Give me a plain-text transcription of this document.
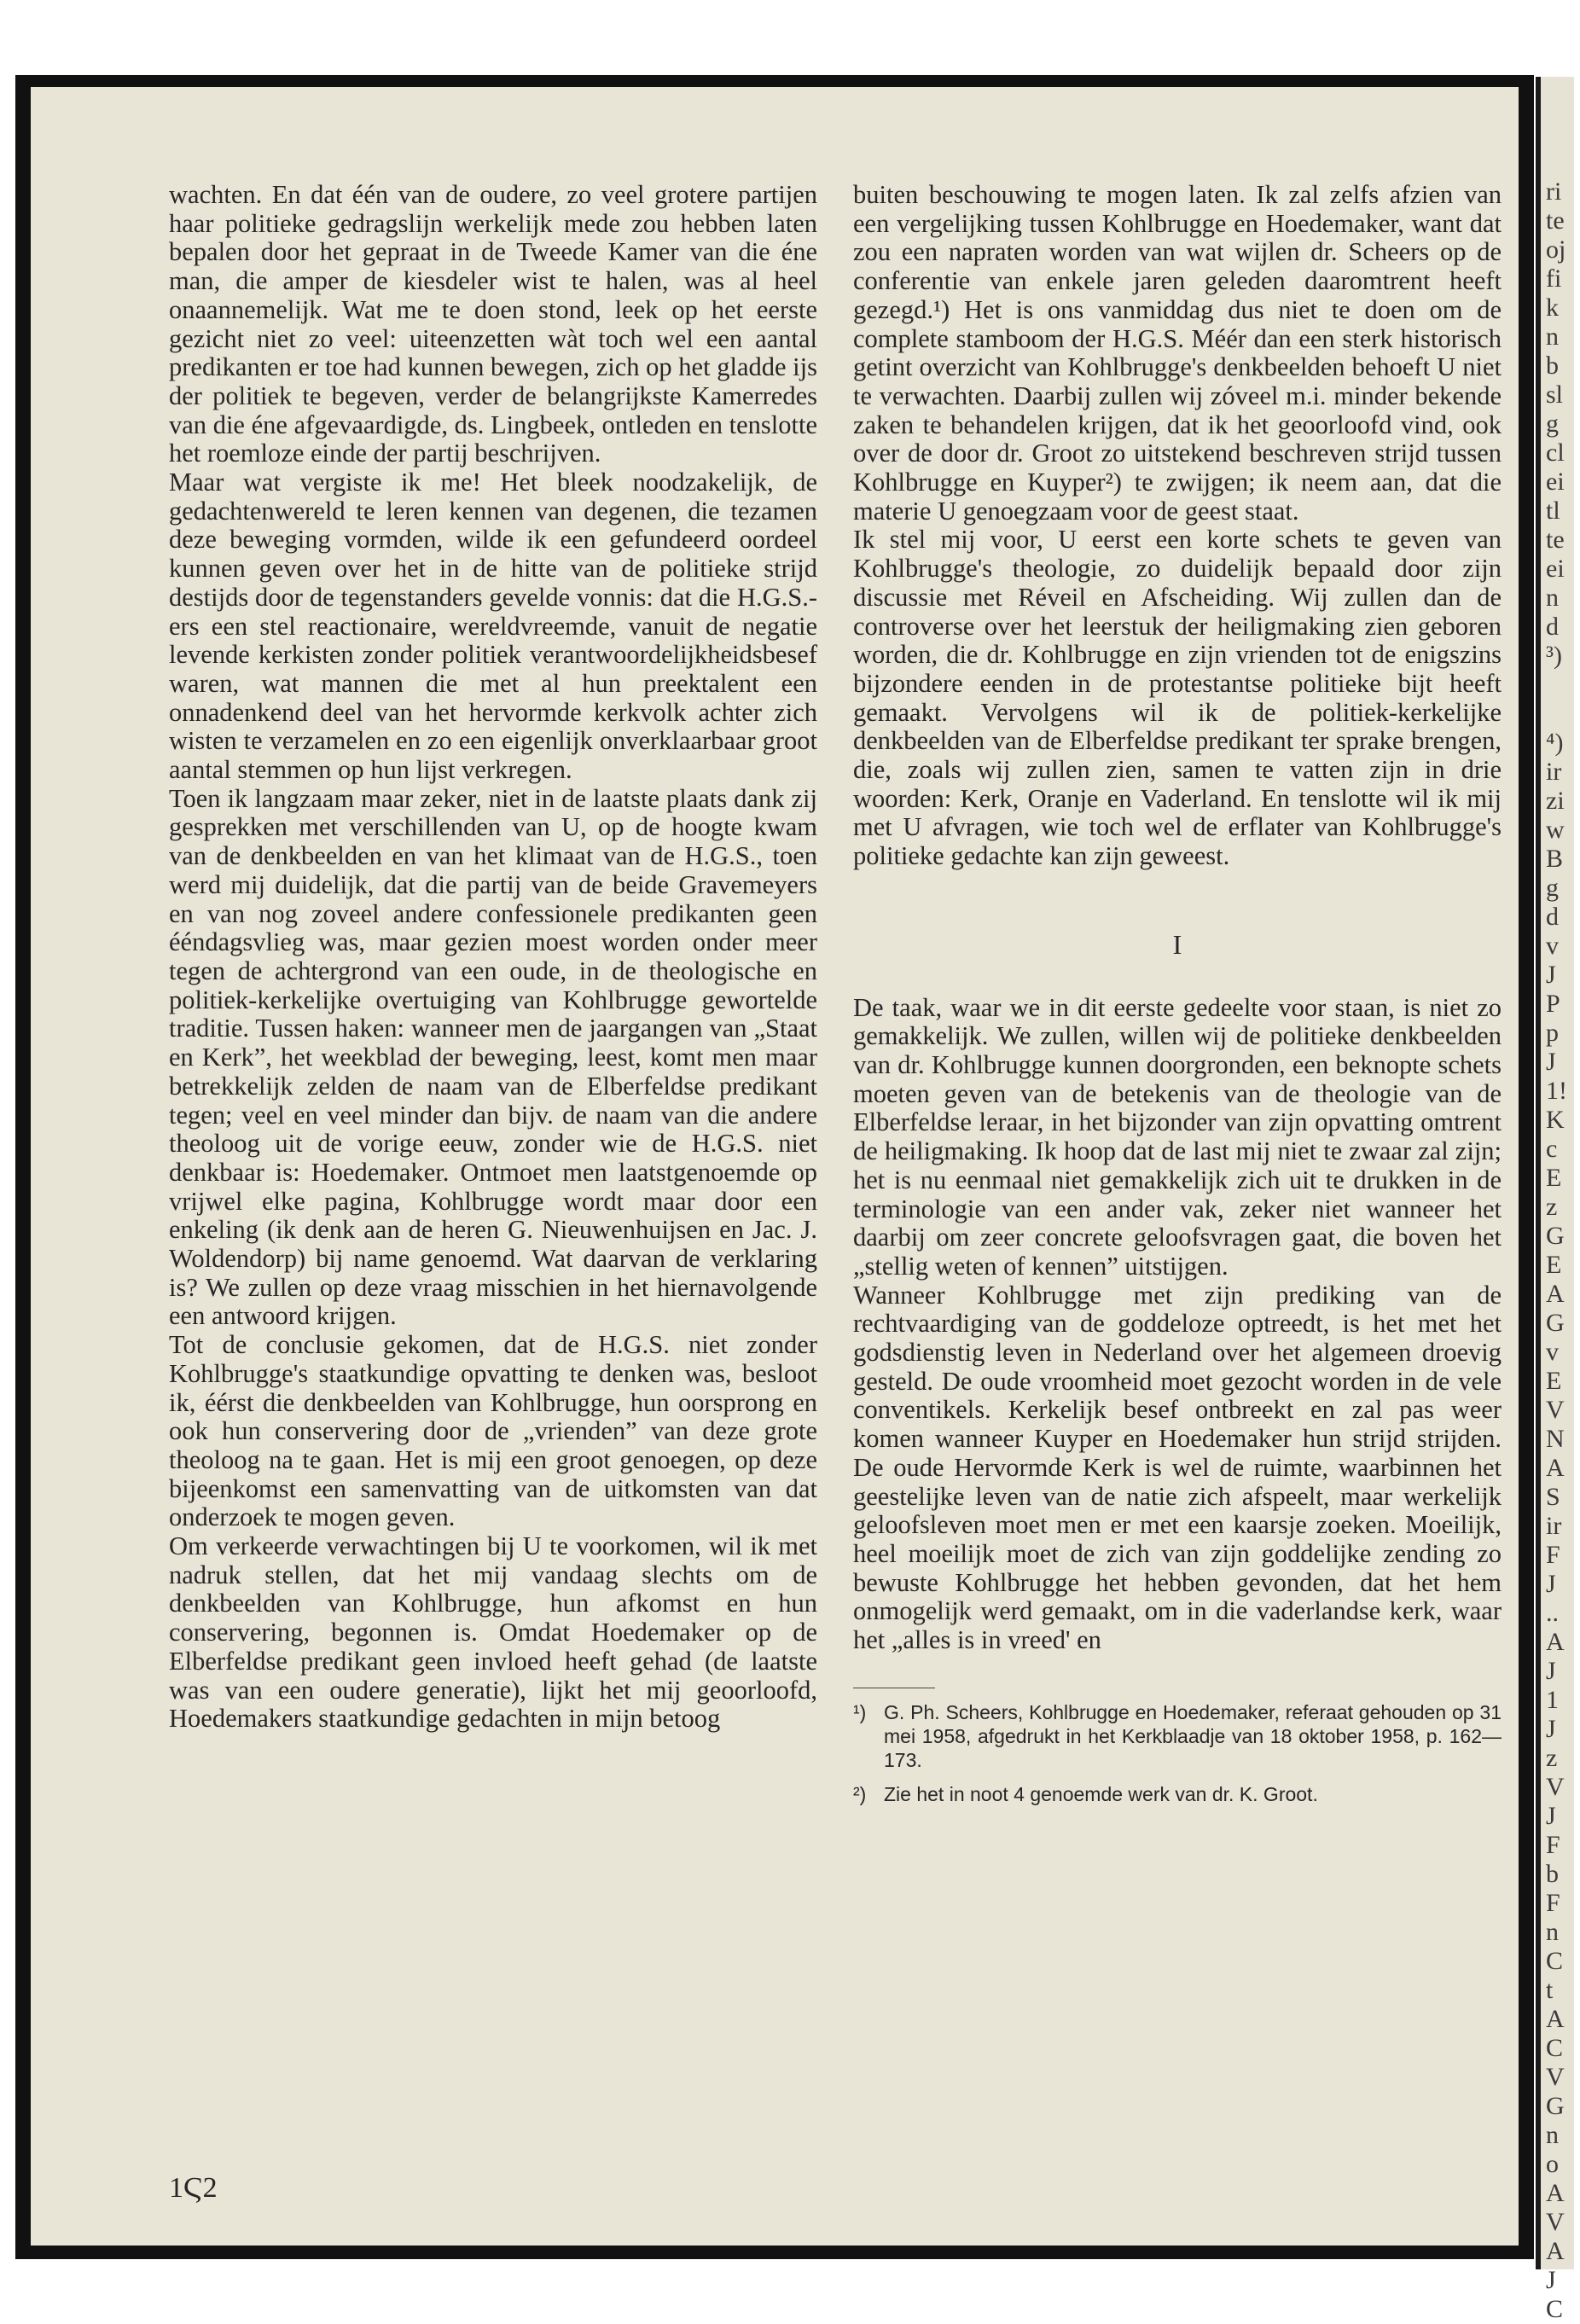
wachten. En dat één van de oudere, zo veel grotere partijen haar politieke gedragslijn werkelijk mede zou hebben laten bepalen door het gepraat in de Tweede Kamer van die éne man, die amper de kiesdeler wist te halen, was al heel onaannemelijk. Wat me te doen stond, leek op het eerste gezicht niet zo veel: uiteenzetten wàt toch wel een aantal predikanten er toe had kunnen bewegen, zich op het gladde ijs der politiek te begeven, verder de belangrijkste Kamerredes van die éne afgevaardigde, ds. Lingbeek, ontleden en tenslotte het roemloze einde der partij beschrijven.

Maar wat vergiste ik me! Het bleek noodzakelijk, de gedachtenwereld te leren kennen van degenen, die tezamen deze beweging vormden, wilde ik een gefundeerd oordeel kunnen geven over het in de hitte van de politieke strijd destijds door de tegenstanders gevelde vonnis: dat die H.G.S.-ers een stel reactionaire, wereldvreemde, vanuit de negatie levende kerkisten zonder politiek verantwoordelijkheidsbesef waren, wat mannen die met al hun preektalent een onnadenkend deel van het hervormde kerkvolk achter zich wisten te verzamelen en zo een eigenlijk onverklaarbaar groot aantal stemmen op hun lijst verkregen.

Toen ik langzaam maar zeker, niet in de laatste plaats dank zij gesprekken met verschillenden van U, op de hoogte kwam van de denkbeelden en van het klimaat van de H.G.S., toen werd mij duidelijk, dat die partij van de beide Gravemeyers en van nog zoveel andere confessionele predikanten geen ééndagsvlieg was, maar gezien moest worden onder meer tegen de achtergrond van een oude, in de theologische en politiek-kerkelijke overtuiging van Kohlbrugge gewortelde traditie. Tussen haken: wanneer men de jaargangen van „Staat en Kerk”, het weekblad der beweging, leest, komt men maar betrekkelijk zelden de naam van de Elberfeldse predikant tegen; veel en veel minder dan bijv. de naam van die andere theoloog uit de vorige eeuw, zonder wie de H.G.S. niet denkbaar is: Hoedemaker. Ontmoet men laatstgenoemde op vrijwel elke pagina, Kohlbrugge wordt maar door een enkeling (ik denk aan de heren G. Nieuwenhuijsen en Jac. J. Woldendorp) bij name genoemd. Wat daarvan de verklaring is? We zullen op deze vraag misschien in het hiernavolgende een antwoord krijgen.

Tot de conclusie gekomen, dat de H.G.S. niet zonder Kohlbrugge's staatkundige opvatting te denken was, besloot ik, éérst die denkbeelden van Kohlbrugge, hun oorsprong en ook hun conservering door de „vrienden” van deze grote theoloog na te gaan. Het is mij een groot genoegen, op deze bijeenkomst een samenvatting van de uitkomsten van dat onderzoek te mogen geven.

Om verkeerde verwachtingen bij U te voorkomen, wil ik met nadruk stellen, dat het mij vandaag slechts om de denkbeelden van Kohlbrugge, hun afkomst en hun conservering, begonnen is. Omdat Hoedemaker op de Elberfeldse predikant geen invloed heeft gehad (de laatste was van een oudere generatie), lijkt het mij geoorloofd, Hoedemakers staatkundige gedachten in mijn betoog

buiten beschouwing te mogen laten. Ik zal zelfs afzien van een vergelijking tussen Kohlbrugge en Hoedemaker, want dat zou een napraten worden van wat wijlen dr. Scheers op de conferentie van enkele jaren geleden daaromtrent heeft gezegd.¹) Het is ons vanmiddag dus niet te doen om de complete stamboom der H.G.S. Méér dan een sterk historisch getint overzicht van Kohlbrugge's denkbeelden behoeft U niet te verwachten. Daarbij zullen wij zóveel m.i. minder bekende zaken te behandelen krijgen, dat ik het geoorloofd vind, ook over de door dr. Groot zo uitstekend beschreven strijd tussen Kohlbrugge en Kuyper²) te zwijgen; ik neem aan, dat die materie U genoegzaam voor de geest staat.

Ik stel mij voor, U eerst een korte schets te geven van Kohlbrugge's theologie, zo duidelijk bepaald door zijn discussie met Réveil en Afscheiding. Wij zullen dan de controverse over het leerstuk der heiligmaking zien geboren worden, die dr. Kohlbrugge en zijn vrienden tot de enigszins bijzondere eenden in de protestantse politieke bijt heeft gemaakt. Vervolgens wil ik de politiek-kerkelijke denkbeelden van de Elberfeldse predikant ter sprake brengen, die, zoals wij zullen zien, samen te vatten zijn in drie woorden: Kerk, Oranje en Vaderland. En tenslotte wil ik mij met U afvragen, wie toch wel de erflater van Kohlbrugge's politieke gedachte kan zijn geweest.

I

De taak, waar we in dit eerste gedeelte voor staan, is niet zo gemakkelijk. We zullen, willen wij de politieke denkbeelden van dr. Kohlbrugge kunnen doorgronden, een beknopte schets moeten geven van de betekenis van de theologie van de Elberfeldse leraar, in het bijzonder van zijn opvatting omtrent de heiligmaking. Ik hoop dat de last mij niet te zwaar zal zijn; het is nu eenmaal niet gemakkelijk zich uit te drukken in de terminologie van een ander vak, zeker niet wanneer het daarbij om zeer concrete geloofsvragen gaat, die boven het „stellig weten of kennen” uitstijgen.

Wanneer Kohlbrugge met zijn prediking van de rechtvaardiging van de goddeloze optreedt, is het met het godsdienstig leven in Nederland over het algemeen droevig gesteld. De oude vroomheid moet gezocht worden in de vele conventikels. Kerkelijk besef ontbreekt en zal pas weer komen wanneer Kuyper en Hoedemaker hun strijd strijden. De oude Hervormde Kerk is wel de ruimte, waarbinnen het geestelijke leven van de natie zich afspeelt, maar werkelijk geloofsleven moet men er met een kaarsje zoeken. Moeilijk, heel moeilijk moet de zich van zijn goddelijke zending zo bewuste Kohlbrugge het hebben gevonden, dat het hem onmogelijk werd gemaakt, om in die vaderlandse kerk, waar het „alles is in vreed' en

¹) G. Ph. Scheers, Kohlbrugge en Hoedemaker, referaat gehouden op 31 mei 1958, afgedrukt in het Kerkblaadje van 18 oktober 1958, p. 162—173.
²) Zie het in noot 4 genoemde werk van dr. K. Groot.
1Ϛ2
ri
te
oj
fi
k
n
b
sl
g
cl
ei
tl
te
ei
n
d
³)

⁴)
ir
zi
w
B
g
d
v
J
P
p
J
1!
K
c
E
z
G
E
A
G
v
E
V
N
A
S
ir
F
J
..
A
J
1
J
z
V
J
F
b
F
n
C
t
A
C
V
G
n
o
A
V
A
J
C
